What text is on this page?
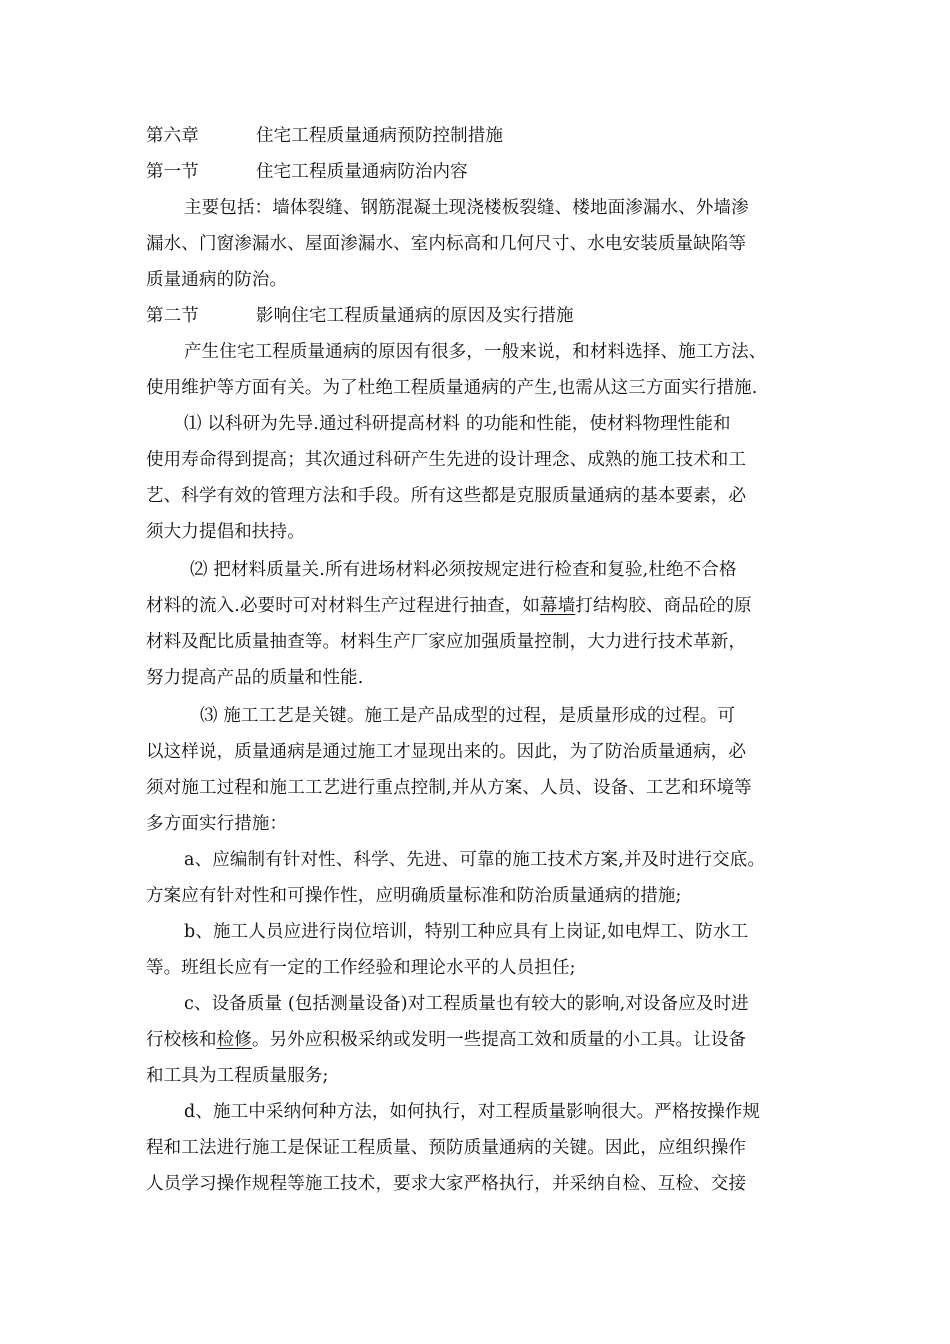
第六章	住宅工程质量通病预防控制措施
第一节	住宅工程质量通病防治内容
主要包括：墙体裂缝、钢筋混凝土现浇楼板裂缝、楼地面渗漏水、外墙渗
漏水、门窗渗漏水、屋面渗漏水、室内标高和几何尺寸、水电安装质量缺陷等
质量通病的防治。
第二节	影响住宅工程质量通病的原因及实行措施
产生住宅工程质量通病的原因有很多，一般来说，和材料选择、施工方法、
使用维护等方面有关。为了杜绝工程质量通病的产生,也需从这三方面实行措施.
⑴ 以科研为先导.通过科研提高材料 的功能和性能，使材料物理性能和
使用寿命得到提高；其次通过科研产生先进的设计理念、成熟的施工技术和工
艺、科学有效的管理方法和手段。所有这些都是克服质量通病的基本要素，必
须大力提倡和扶持。
⑵ 把材料质量关.所有进场材料必须按规定进行检查和复验,杜绝不合格
材料的流入.必要时可对材料生产过程进行抽查，如幕墙打结构胶、商品砼的原
材料及配比质量抽查等。材料生产厂家应加强质量控制，大力进行技术革新，
努力提高产品的质量和性能.
⑶ 施工工艺是关键。施工是产品成型的过程，是质量形成的过程。可
以这样说，质量通病是通过施工才显现出来的。因此，为了防治质量通病，必
须对施工过程和施工工艺进行重点控制,并从方案、人员、设备、工艺和环境等
多方面实行措施：
a、应编制有针对性、科学、先进、可靠的施工技术方案,并及时进行交底。
方案应有针对性和可操作性，应明确质量标准和防治质量通病的措施;
b、施工人员应进行岗位培训，特别工种应具有上岗证,如电焊工、防水工
等。班组长应有一定的工作经验和理论水平的人员担任;
c、设备质量 (包括测量设备)对工程质量也有较大的影响,对设备应及时进
行校核和检修。另外应积极采纳或发明一些提高工效和质量的小工具。让设备
和工具为工程质量服务;
d、施工中采纳何种方法，如何执行，对工程质量影响很大。严格按操作规
程和工法进行施工是保证工程质量、预防质量通病的关键。因此，应组织操作
人员学习操作规程等施工技术，要求大家严格执行，并采纳自检、互检、交接
